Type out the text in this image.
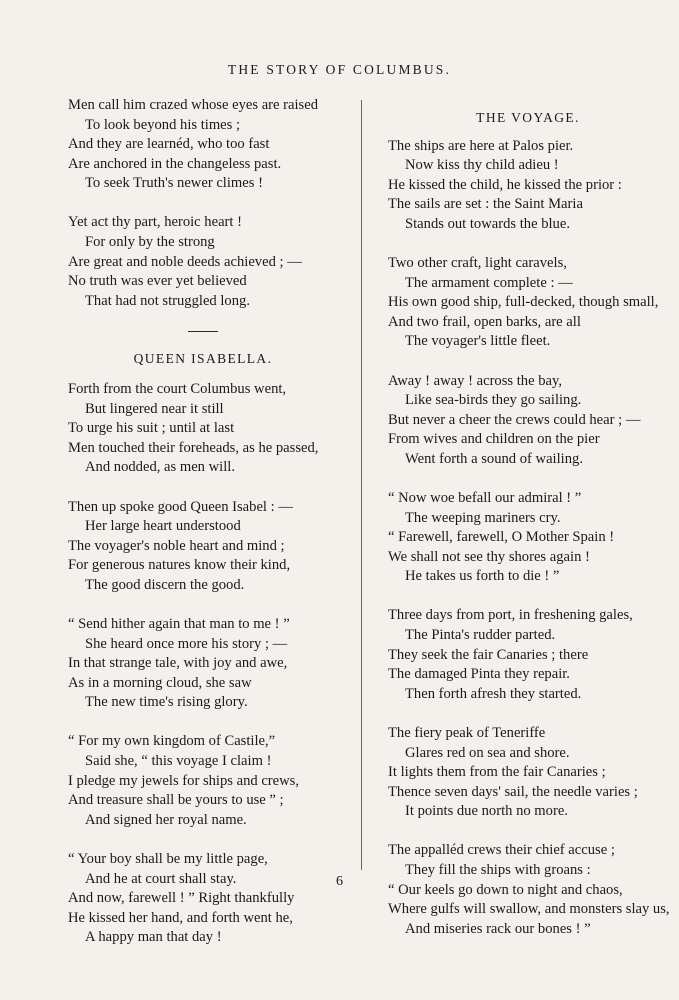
THE STORY OF COLUMBUS.
Men call him crazed whose eyes are raised
To look beyond his times ;
And they are learnéd, who too fast
Are anchored in the changeless past.
To seek Truth's newer climes !
Yet act thy part, heroic heart !
For only by the strong
Are great and noble deeds achieved ; —
No truth was ever yet believed
That had not struggled long.
QUEEN ISABELLA.
Forth from the court Columbus went,
But lingered near it still
To urge his suit ; until at last
Men touched their foreheads, as he passed,
And nodded, as men will.
Then up spoke good Queen Isabel : —
Her large heart understood
The voyager's noble heart and mind ;
For generous natures know their kind,
The good discern the good.
“ Send hither again that man to me ! ”
She heard once more his story ; —
In that strange tale, with joy and awe,
As in a morning cloud, she saw
The new time's rising glory.
“ For my own kingdom of Castile,”
Said she, “ this voyage I claim !
I pledge my jewels for ships and crews,
And treasure shall be yours to use ” ;
And signed her royal name.
“ Your boy shall be my little page,
And he at court shall stay.
And now, farewell ! ” Right thankfully
He kissed her hand, and forth went he,
A happy man that day !
THE VOYAGE.
The ships are here at Palos pier.
Now kiss thy child adieu !
He kissed the child, he kissed the prior :
The sails are set : the Saint Maria
Stands out towards the blue.
Two other craft, light caravels,
The armament complete : —
His own good ship, full-decked, though small,
And two frail, open barks, are all
The voyager's little fleet.
Away ! away ! across the bay,
Like sea-birds they go sailing.
But never a cheer the crews could hear ; —
From wives and children on the pier
Went forth a sound of wailing.
“ Now woe befall our admiral ! ”
The weeping mariners cry.
“ Farewell, farewell, O Mother Spain !
We shall not see thy shores again !
He takes us forth to die ! ”
Three days from port, in freshening gales,
The Pinta's rudder parted.
They seek the fair Canaries ; there
The damaged Pinta they repair.
Then forth afresh they started.
The fiery peak of Teneriffe
Glares red on sea and shore.
It lights them from the fair Canaries ;
Thence seven days' sail, the needle varies ;
It points due north no more.
The appalléd crews their chief accuse ;
They fill the ships with groans :
“ Our keels go down to night and chaos,
Where gulfs will swallow, and monsters slay us,
And miseries rack our bones ! ”
6
